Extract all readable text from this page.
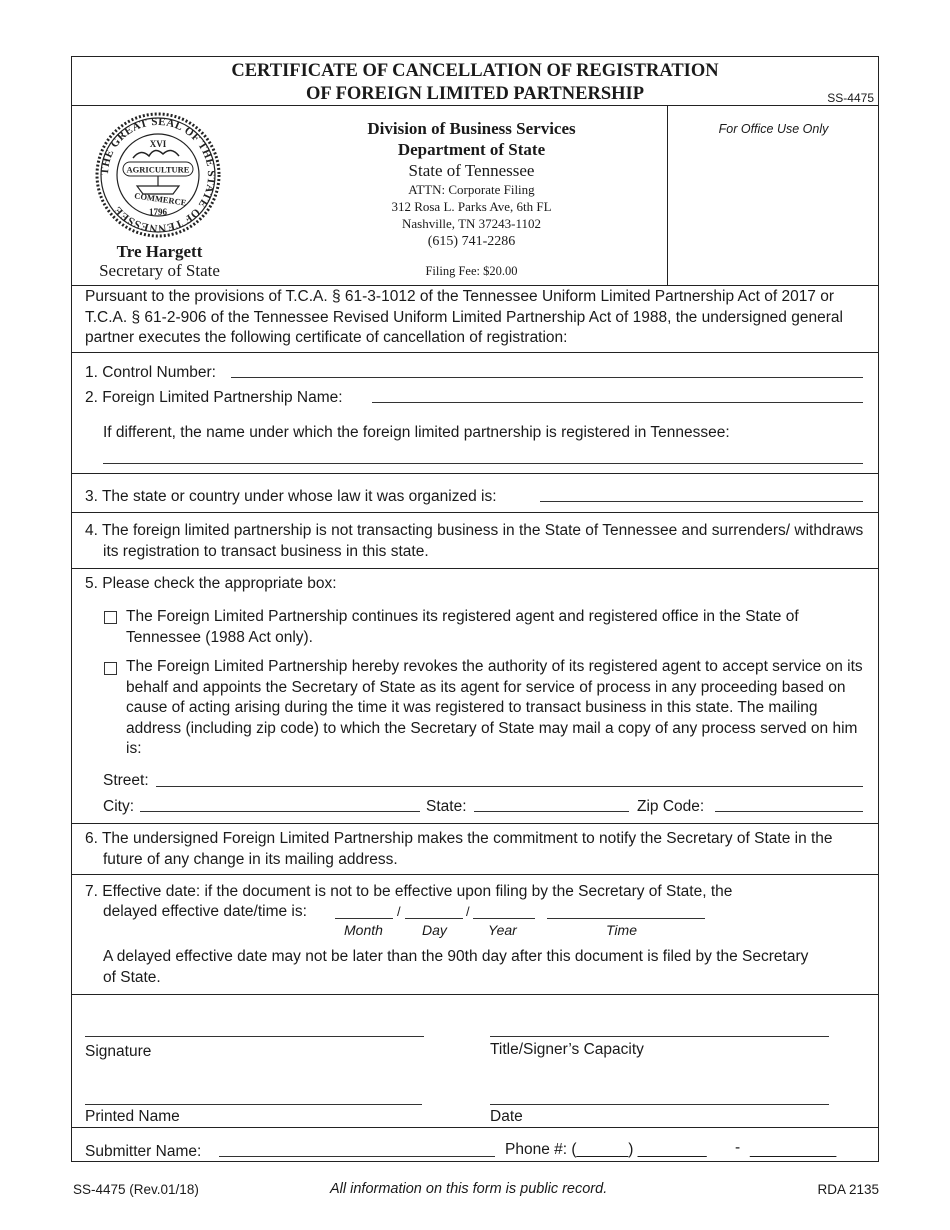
CERTIFICATE OF CANCELLATION OF REGISTRATION
OF FOREIGN LIMITED PARTNERSHIP	SS-4475
THE GREAT SEAL OF THE STATE OF TENNESSEE
XVI
AGRICULTURE
COMMERCE
1796
Tre Hargett
Secretary of State
Division of Business Services
Department of State
State of Tennessee
ATTN: Corporate Filing
312 Rosa L. Parks Ave, 6th FL
Nashville, TN 37243-1102
(615) 741-2286
Filing Fee: $20.00
For Office Use Only
Pursuant to the provisions of T.C.A. § 61-3-1012 of the Tennessee Uniform Limited Partnership Act of 2017 or T.C.A. § 61-2-906 of the Tennessee Revised Uniform Limited Partnership Act of 1988, the undersigned general partner executes the following certificate of cancellation of registration:
1. Control Number:
2. Foreign Limited Partnership Name:
If different, the name under which the foreign limited partnership is registered in Tennessee:
3. The state or country under whose law it was organized is:
4. The foreign limited partnership is not transacting business in the State of Tennessee and surrenders/ withdraws its registration to transact business in this state.
5. Please check the appropriate box:
The Foreign Limited Partnership continues its registered agent and registered office in the State of Tennessee (1988 Act only).
The Foreign Limited Partnership hereby revokes the authority of its registered agent to accept service on its behalf and appoints the Secretary of State as its agent for service of process in any proceeding based on cause of acting arising during the time it was registered to transact business in this state. The mailing address (including zip code) to which the Secretary of State may mail a copy of any process served on him is:
Street:
City:	State:	Zip Code:
6. The undersigned Foreign Limited Partnership makes the commitment to notify the Secretary of State in the future of any change in its mailing address.
7. Effective date: if the document is not to be effective upon filing by the Secretary of State, the
delayed effective date/time is:	/	/
Month	Day	Year	Time
A delayed effective date may not be later than the 90th day after this document is filed by the Secretary of State.
Signature	Title/Signer’s Capacity
Printed Name	Date
Submitter Name:	Phone #: (______) ________ - __________
SS-4475 (Rev.01/18)	All information on this form is public record.	RDA 2135
